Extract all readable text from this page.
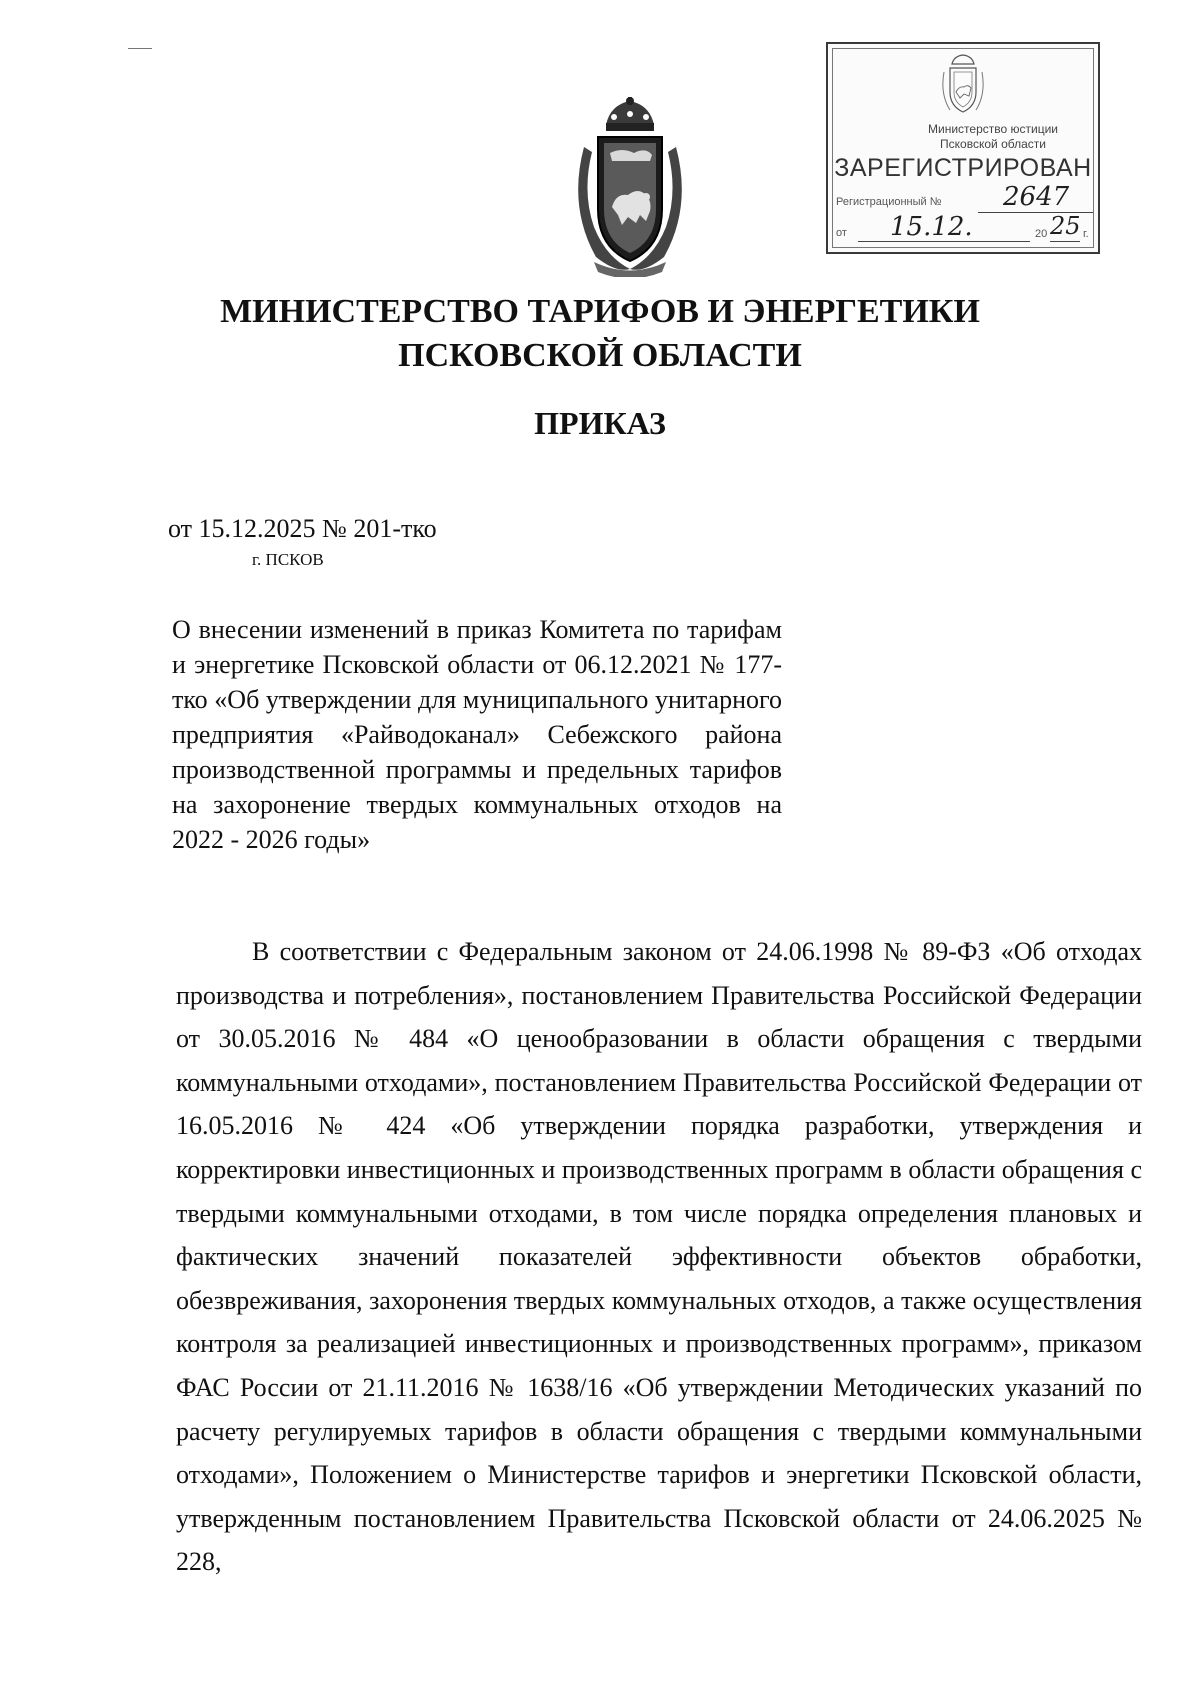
Министерство юстиции
Псковской области
ЗАРЕГИСТРИРОВАН
Регистрационный № 2647
от 15.12.	20 25 г.
МИНИСТЕРСТВО ТАРИФОВ И ЭНЕРГЕТИКИ ПСКОВСКОЙ ОБЛАСТИ
ПРИКАЗ
от 15.12.2025 № 201-тко
г. ПСКОВ
О внесении изменений в приказ Комитета по тарифам и энергетике Псковской области от 06.12.2021 № 177-тко «Об утверждении для муниципального унитарного предприятия «Райводоканал» Себежского района производственной программы и предельных тарифов на захоронение твердых коммунальных отходов на 2022 - 2026 годы»
В соответствии с Федеральным законом от 24.06.1998 № 89-ФЗ «Об отходах производства и потребления», постановлением Правительства Российской Федерации от 30.05.2016 № 484 «О ценообразовании в области обращения с твердыми коммунальными отходами», постановлением Правительства Российской Федерации от 16.05.2016 № 424 «Об утверждении порядка разработки, утверждения и корректировки инвестиционных и производственных программ в области обращения с твердыми коммунальными отходами, в том числе порядка определения плановых и фактических значений показателей эффективности объектов обработки, обезвреживания, захоронения твердых коммунальных отходов, а также осуществления контроля за реализацией инвестиционных и производственных программ», приказом ФАС России от 21.11.2016 № 1638/16 «Об утверждении Методических указаний по расчету регулируемых тарифов в области обращения с твердыми коммунальными отходами», Положением о Министерстве тарифов и энергетики Псковской области, утвержденным постановлением Правительства Псковской области от 24.06.2025 № 228,
